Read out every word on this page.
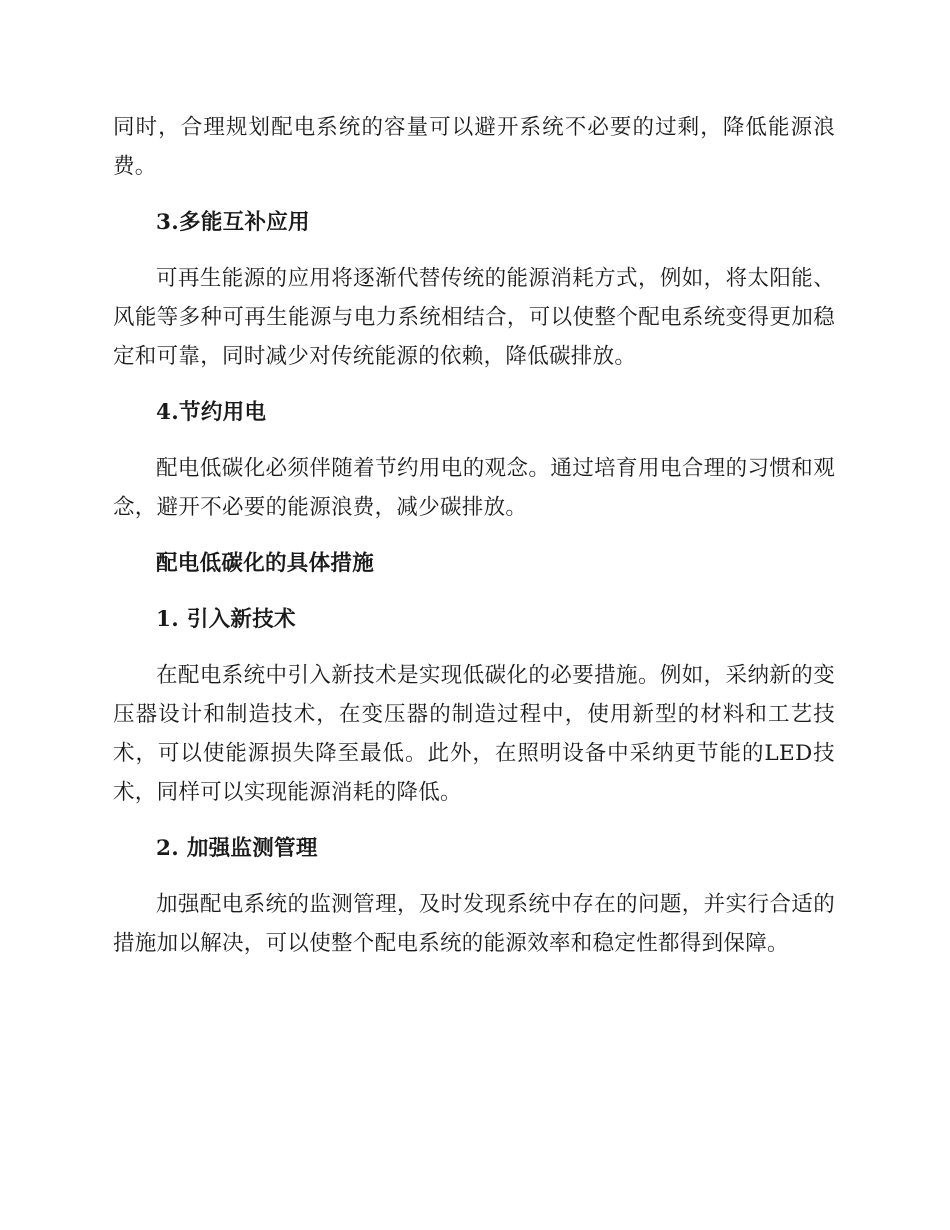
同时，合理规划配电系统的容量可以避开系统不必要的过剩，降低能源浪费。

3.多能互补应用

可再生能源的应用将逐渐代替传统的能源消耗方式，例如，将太阳能、风能等多种可再生能源与电力系统相结合，可以使整个配电系统变得更加稳定和可靠，同时减少对传统能源的依赖，降低碳排放。

4.节约用电

配电低碳化必须伴随着节约用电的观念。通过培育用电合理的习惯和观念，避开不必要的能源浪费，减少碳排放。

配电低碳化的具体措施

1. 引入新技术

在配电系统中引入新技术是实现低碳化的必要措施。例如，采纳新的变压器设计和制造技术，在变压器的制造过程中，使用新型的材料和工艺技术，可以使能源损失降至最低。此外，在照明设备中采纳更节能的LED技术，同样可以实现能源消耗的降低。

2. 加强监测管理

加强配电系统的监测管理，及时发现系统中存在的问题，并实行合适的措施加以解决，可以使整个配电系统的能源效率和稳定性都得到保障。
